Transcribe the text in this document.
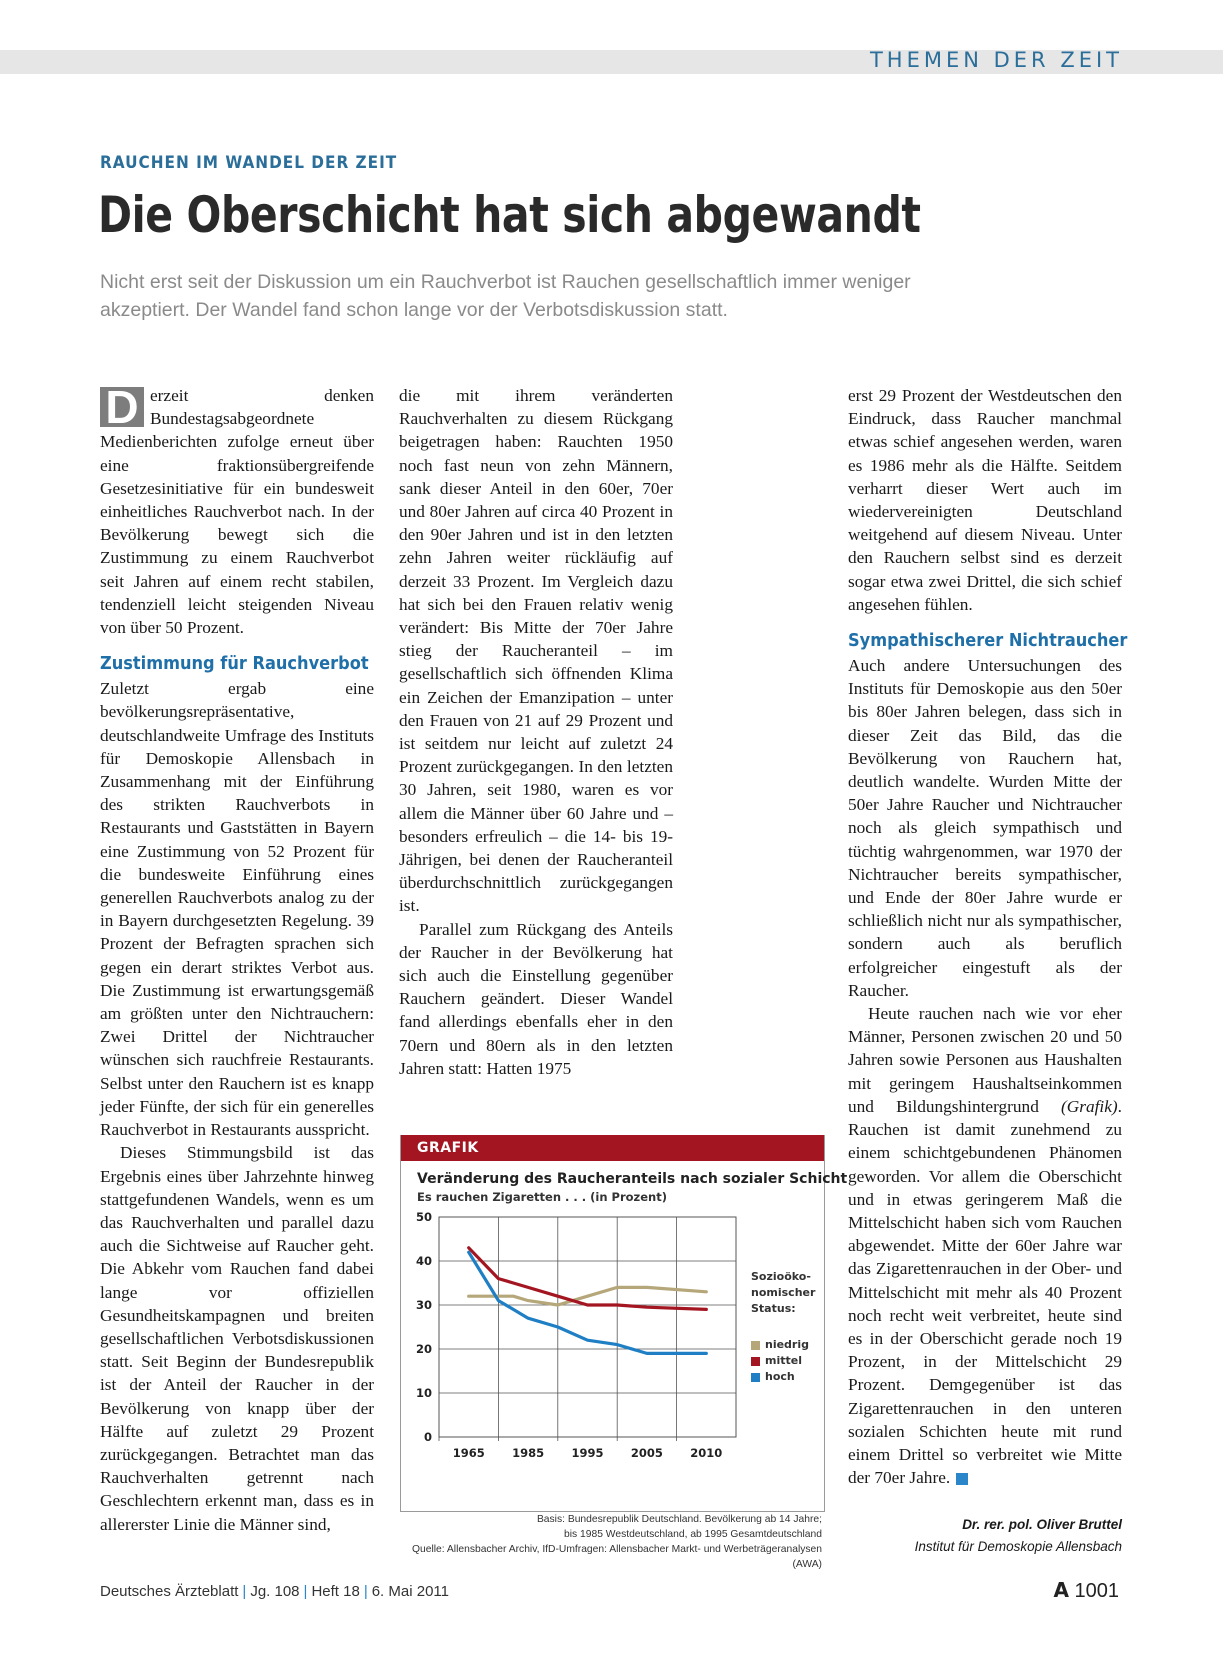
THEMEN DER ZEIT
RAUCHEN IM WANDEL DER ZEIT
Die Oberschicht hat sich abgewandt
Nicht erst seit der Diskussion um ein Rauchverbot ist Rauchen gesellschaftlich immer weniger akzeptiert. Der Wandel fand schon lange vor der Verbotsdiskussion statt.

D erzeit denken Bundestagsabgeordnete Medienberichten zufolge erneut über eine fraktionsübergreifende Gesetzesinitiative für ein bundesweit einheitliches Rauchverbot nach. In der Bevölkerung bewegt sich die Zustimmung zu einem Rauchverbot seit Jahren auf einem recht stabilen, tendenziell leicht steigenden Niveau von über 50 Prozent.

Zustimmung für Rauchverbot

Zuletzt ergab eine bevölkerungsrepräsentative, deutschlandweite Umfrage des Instituts für Demoskopie Allensbach in Zusammenhang mit der Einführung des strikten Rauchverbots in Restaurants und Gaststätten in Bayern eine Zustimmung von 52 Prozent für die bundesweite Einführung eines generellen Rauchverbots analog zu der in Bayern durchgesetzten Regelung. 39 Prozent der Befragten sprachen sich gegen ein derart striktes Verbot aus. Die Zustimmung ist erwartungsgemäß am größten unter den Nichtrauchern: Zwei Drittel der Nichtraucher wünschen sich rauchfreie Restaurants. Selbst unter den Rauchern ist es knapp jeder Fünfte, der sich für ein generelles Rauchverbot in Restaurants ausspricht.

Dieses Stimmungsbild ist das Ergebnis eines über Jahrzehnte hinweg stattgefundenen Wandels, wenn es um das Rauchverhalten und parallel dazu auch die Sichtweise auf Raucher geht. Die Abkehr vom Rauchen fand dabei lange vor offiziellen Gesundheitskampagnen und breiten gesellschaftlichen Verbotsdiskussionen statt. Seit Beginn der Bundesrepublik ist der Anteil der Raucher in der Bevölkerung von knapp über der Hälfte auf zuletzt 29 Prozent zurückgegangen. Betrachtet man das Rauchverhalten getrennt nach Geschlechtern erkennt man, dass es in allererster Linie die Männer sind,

die mit ihrem veränderten Rauchverhalten zu diesem Rückgang beigetragen haben: Rauchten 1950 noch fast neun von zehn Männern, sank dieser Anteil in den 60er, 70er und 80er Jahren auf circa 40 Prozent in den 90er Jahren und ist in den letzten zehn Jahren weiter rückläufig auf derzeit 33 Prozent. Im Vergleich dazu hat sich bei den Frauen relativ wenig verändert: Bis Mitte der 70er Jahre stieg der Raucheranteil – im gesellschaftlich sich öffnenden Klima ein Zeichen der Emanzipation – unter den Frauen von 21 auf 29 Prozent und ist seitdem nur leicht auf zuletzt 24 Prozent zurückgegangen. In den letzten 30 Jahren, seit 1980, waren es vor allem die Männer über 60 Jahre und – besonders erfreulich – die 14- bis 19-Jährigen, bei denen der Raucheranteil überdurchschnittlich zurückgegangen ist.

Parallel zum Rückgang des Anteils der Raucher in der Bevölkerung hat sich auch die Einstellung gegenüber Rauchern geändert. Dieser Wandel fand allerdings ebenfalls eher in den 70ern und 80ern als in den letzten Jahren statt: Hatten 1975

erst 29 Prozent der Westdeutschen den Eindruck, dass Raucher manchmal etwas schief angesehen werden, waren es 1986 mehr als die Hälfte. Seitdem verharrt dieser Wert auch im wiedervereinigten Deutschland weitgehend auf diesem Niveau. Unter den Rauchern selbst sind es derzeit sogar etwa zwei Drittel, die sich schief angesehen fühlen.

Sympathischerer Nichtraucher

Auch andere Untersuchungen des Instituts für Demoskopie aus den 50er bis 80er Jahren belegen, dass sich in dieser Zeit das Bild, das die Bevölkerung von Rauchern hat, deutlich wandelte. Wurden Mitte der 50er Jahre Raucher und Nichtraucher noch als gleich sympathisch und tüchtig wahrgenommen, war 1970 der Nichtraucher bereits sympathischer, und Ende der 80er Jahre wurde er schließlich nicht nur als sympathischer, sondern auch als beruflich erfolgreicher eingestuft als der Raucher.

Heute rauchen nach wie vor eher Männer, Personen zwischen 20 und 50 Jahren sowie Personen aus Haushalten mit geringem Haushaltseinkommen und Bildungshintergrund (Grafik). Rauchen ist damit zunehmend zu einem schichtgebundenen Phänomen geworden. Vor allem die Oberschicht und in etwas geringerem Maß die Mittelschicht haben sich vom Rauchen abgewendet. Mitte der 60er Jahre war das Zigarettenrauchen in der Ober- und Mittelschicht mit mehr als 40 Prozent noch recht weit verbreitet, heute sind es in der Oberschicht gerade noch 19 Prozent, in der Mittelschicht 29 Prozent. Demgegenüber ist das Zigarettenrauchen in den unteren sozialen Schichten heute mit rund einem Drittel so verbreitet wie Mitte der 70er Jahre.

Dr. rer. pol. Oliver Bruttel
Institut für Demoskopie Allensbach
GRAFIK
Veränderung des Raucheranteils nach sozialer Schicht
Es rauchen Zigaretten . . . (in Prozent)
0
10
20
30
40
50
1965 1985 1995 2005 2010
Sozioöko-
nomischer
Status:
niedrig
mittel
hoch
Basis: Bundesrepublik Deutschland. Bevölkerung ab 14 Jahre;
bis 1985 Westdeutschland, ab 1995 Gesamtdeutschland
Quelle: Allensbacher Archiv, IfD-Umfragen: Allensbacher Markt- und Werbeträgeranalysen (AWA)
Deutsches Ärzteblatt | Jg. 108 | Heft 18 | 6. Mai 2011	A 1001
